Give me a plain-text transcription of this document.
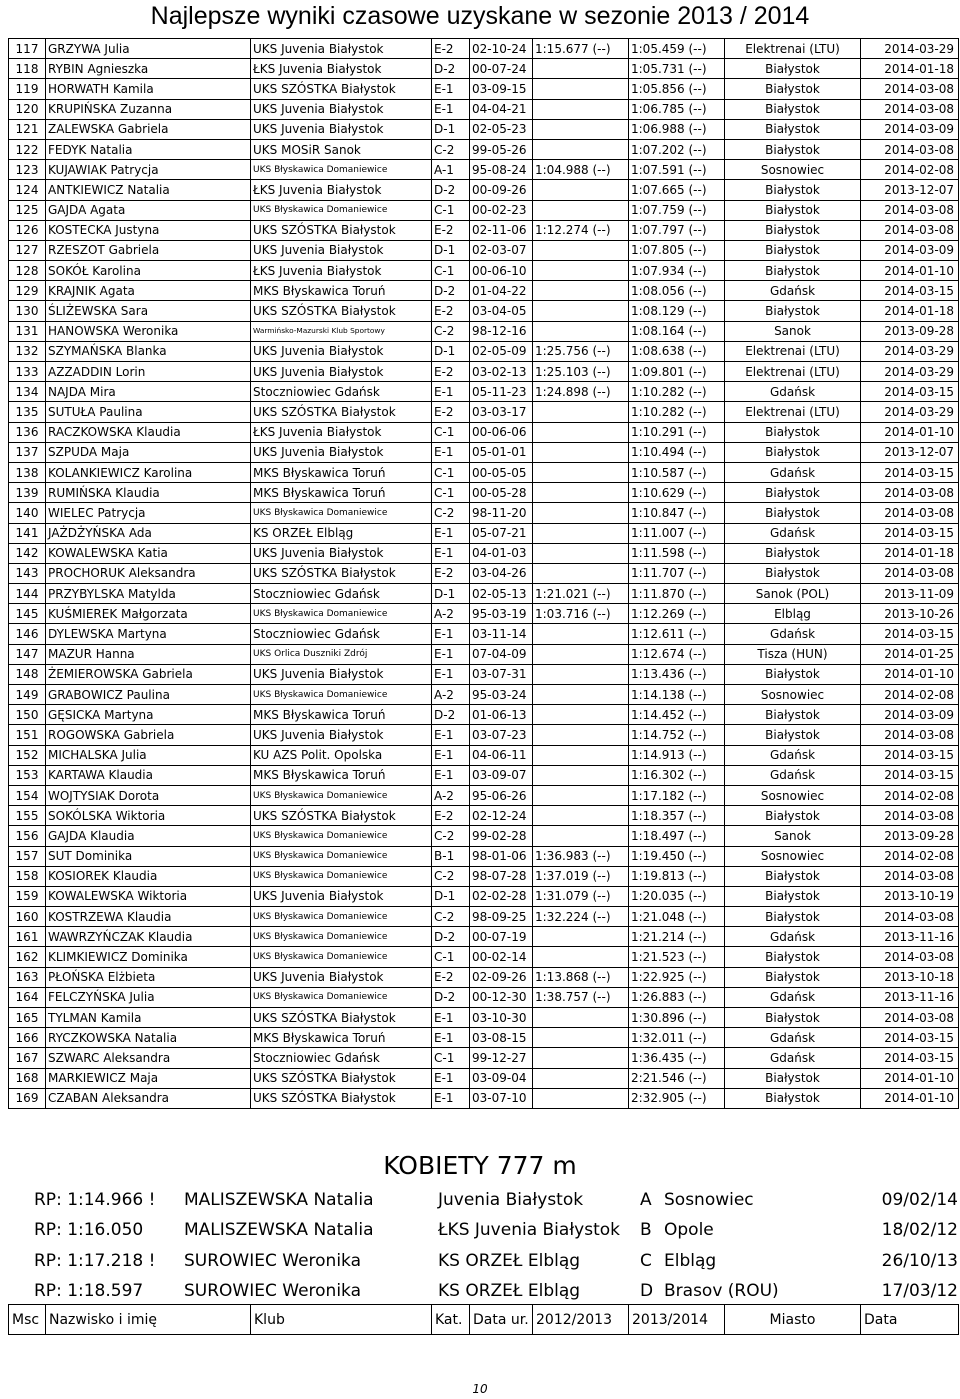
Najlepsze wyniki czasowe uzyskane w sezonie 2013 / 2014
117	GRZYWA Julia	UKS Juvenia Białystok	E-2	02-10-24	1:15.677 (--)	1:05.459 (--)	Elektrenai (LTU)	2014-03-29
118	RYBIN Agnieszka	ŁKS Juvenia Białystok	D-2	00-07-24		1:05.731 (--)	Białystok	2014-01-18
119	HORWATH Kamila	UKS SZÓSTKA Białystok	E-1	03-09-15		1:05.856 (--)	Białystok	2014-03-08
120	KRUPIŃSKA Zuzanna	UKS Juvenia Białystok	E-1	04-04-21		1:06.785 (--)	Białystok	2014-03-08
121	ZALEWSKA Gabriela	UKS Juvenia Białystok	D-1	02-05-23		1:06.988 (--)	Białystok	2014-03-09
122	FEDYK Natalia	UKS MOSiR Sanok	C-2	99-05-26		1:07.202 (--)	Białystok	2014-03-08
123	KUJAWIAK Patrycja	UKS Błyskawica Domaniewice	A-1	95-08-24	1:04.988 (--)	1:07.591 (--)	Sosnowiec	2014-02-08
124	ANTKIEWICZ Natalia	ŁKS Juvenia Białystok	D-2	00-09-26		1:07.665 (--)	Białystok	2013-12-07
125	GAJDA Agata	UKS Błyskawica Domaniewice	C-1	00-02-23		1:07.759 (--)	Białystok	2014-03-08
126	KOSTECKA Justyna	UKS SZÓSTKA Białystok	E-2	02-11-06	1:12.274 (--)	1:07.797 (--)	Białystok	2014-03-08
127	RZESZOT Gabriela	UKS Juvenia Białystok	D-1	02-03-07		1:07.805 (--)	Białystok	2014-03-09
128	SOKÓŁ Karolina	ŁKS Juvenia Białystok	C-1	00-06-10		1:07.934 (--)	Białystok	2014-01-10
129	KRAJNIK Agata	MKS Błyskawica Toruń	D-2	01-04-22		1:08.056 (--)	Gdańsk	2014-03-15
130	ŚLIŻEWSKA Sara	UKS SZÓSTKA Białystok	E-2	03-04-05		1:08.129 (--)	Białystok	2014-01-18
131	HANOWSKA Weronika	Warmińsko-Mazurski Klub Sportowy	C-2	98-12-16		1:08.164 (--)	Sanok	2013-09-28
132	SZYMAŃSKA Blanka	UKS Juvenia Białystok	D-1	02-05-09	1:25.756 (--)	1:08.638 (--)	Elektrenai (LTU)	2014-03-29
133	AZZADDIN Lorin	UKS Juvenia Białystok	E-2	03-02-13	1:25.103 (--)	1:09.801 (--)	Elektrenai (LTU)	2014-03-29
134	NAJDA Mira	Stoczniowiec Gdańsk	E-1	05-11-23	1:24.898 (--)	1:10.282 (--)	Gdańsk	2014-03-15
135	SUTUŁA Paulina	UKS SZÓSTKA Białystok	E-2	03-03-17		1:10.282 (--)	Elektrenai (LTU)	2014-03-29
136	RACZKOWSKA Klaudia	ŁKS Juvenia Białystok	C-1	00-06-06		1:10.291 (--)	Białystok	2014-01-10
137	SZPUDA Maja	UKS Juvenia Białystok	E-1	05-01-01		1:10.494 (--)	Białystok	2013-12-07
138	KOLANKIEWICZ Karolina	MKS Błyskawica Toruń	C-1	00-05-05		1:10.587 (--)	Gdańsk	2014-03-15
139	RUMIŃSKA Klaudia	MKS Błyskawica Toruń	C-1	00-05-28		1:10.629 (--)	Białystok	2014-03-08
140	WIELEC Patrycja	UKS Błyskawica Domaniewice	C-2	98-11-20		1:10.847 (--)	Białystok	2014-03-08
141	JAŻDŻYŃSKA Ada	KS ORZEŁ Elbląg	E-1	05-07-21		1:11.007 (--)	Gdańsk	2014-03-15
142	KOWALEWSKA Katia	UKS Juvenia Białystok	E-1	04-01-03		1:11.598 (--)	Białystok	2014-01-18
143	PROCHORUK Aleksandra	UKS SZÓSTKA Białystok	E-2	03-04-26		1:11.707 (--)	Białystok	2014-03-08
144	PRZYBYLSKA Matylda	Stoczniowiec Gdańsk	D-1	02-05-13	1:21.021 (--)	1:11.870 (--)	Sanok (POL)	2013-11-09
145	KUŚMIEREK Małgorzata	UKS Błyskawica Domaniewice	A-2	95-03-19	1:03.716 (--)	1:12.269 (--)	Elbląg	2013-10-26
146	DYLEWSKA Martyna	Stoczniowiec Gdańsk	E-1	03-11-14		1:12.611 (--)	Gdańsk	2014-03-15
147	MAZUR Hanna	UKS Orlica Duszniki Zdrój	E-1	07-04-09		1:12.674 (--)	Tisza (HUN)	2014-01-25
148	ŻEMIEROWSKA Gabriela	UKS Juvenia Białystok	E-1	03-07-31		1:13.436 (--)	Białystok	2014-01-10
149	GRABOWICZ Paulina	UKS Błyskawica Domaniewice	A-2	95-03-24		1:14.138 (--)	Sosnowiec	2014-02-08
150	GĘSICKA Martyna	MKS Błyskawica Toruń	D-2	01-06-13		1:14.452 (--)	Białystok	2014-03-09
151	ROGOWSKA Gabriela	UKS Juvenia Białystok	E-1	03-07-23		1:14.752 (--)	Białystok	2014-03-08
152	MICHALSKA Julia	KU AZS Polit. Opolska	E-1	04-06-11		1:14.913 (--)	Gdańsk	2014-03-15
153	KARTAWA Klaudia	MKS Błyskawica Toruń	E-1	03-09-07		1:16.302 (--)	Gdańsk	2014-03-15
154	WOJTYSIAK Dorota	UKS Błyskawica Domaniewice	A-2	95-06-26		1:17.182 (--)	Sosnowiec	2014-02-08
155	SOKÓLSKA Wiktoria	UKS SZÓSTKA Białystok	E-2	02-12-24		1:18.357 (--)	Białystok	2014-03-08
156	GAJDA Klaudia	UKS Błyskawica Domaniewice	C-2	99-02-28		1:18.497 (--)	Sanok	2013-09-28
157	SUT Dominika	UKS Błyskawica Domaniewice	B-1	98-01-06	1:36.983 (--)	1:19.450 (--)	Sosnowiec	2014-02-08
158	KOSIOREK Klaudia	UKS Błyskawica Domaniewice	C-2	98-07-28	1:37.019 (--)	1:19.813 (--)	Białystok	2014-03-08
159	KOWALEWSKA Wiktoria	UKS Juvenia Białystok	D-1	02-02-28	1:31.079 (--)	1:20.035 (--)	Białystok	2013-10-19
160	KOSTRZEWA Klaudia	UKS Błyskawica Domaniewice	C-2	98-09-25	1:32.224 (--)	1:21.048 (--)	Białystok	2014-03-08
161	WAWRZYŃCZAK Klaudia	UKS Błyskawica Domaniewice	D-2	00-07-19		1:21.214 (--)	Gdańsk	2013-11-16
162	KLIMKIEWICZ Dominika	UKS Błyskawica Domaniewice	C-1	00-02-14		1:21.523 (--)	Białystok	2014-03-08
163	PŁOŃSKA Elżbieta	UKS Juvenia Białystok	E-2	02-09-26	1:13.868 (--)	1:22.925 (--)	Białystok	2013-10-18
164	FELCZYŃSKA Julia	UKS Błyskawica Domaniewice	D-2	00-12-30	1:38.757 (--)	1:26.883 (--)	Gdańsk	2013-11-16
165	TYLMAN Kamila	UKS SZÓSTKA Białystok	E-1	03-10-30		1:30.896 (--)	Białystok	2014-03-08
166	RYCZKOWSKA Natalia	MKS Błyskawica Toruń	E-1	03-08-15		1:32.011 (--)	Gdańsk	2014-03-15
167	SZWARC Aleksandra	Stoczniowiec Gdańsk	C-1	99-12-27		1:36.435 (--)	Gdańsk	2014-03-15
168	MARKIEWICZ Maja	UKS SZÓSTKA Białystok	E-1	03-09-04		2:21.546 (--)	Białystok	2014-01-10
169	CZABAN Aleksandra	UKS SZÓSTKA Białystok	E-1	03-07-10		2:32.905 (--)	Białystok	2014-01-10
KOBIETY 777 m
RP: 1:14.966 !	MALISZEWSKA Natalia	Juvenia Białystok	A	Sosnowiec	09/02/14
RP: 1:16.050	MALISZEWSKA Natalia	ŁKS Juvenia Białystok	B	Opole	18/02/12
RP: 1:17.218 !	SUROWIEC Weronika	KS ORZEŁ Elbląg	C	Elbląg	26/10/13
RP: 1:18.597	SUROWIEC Weronika	KS ORZEŁ Elbląg	D	Brasov (ROU)	17/03/12
Msc	Nazwisko i imię	Klub	Kat.	Data ur.	2012/2013	2013/2014	Miasto	Data
10
